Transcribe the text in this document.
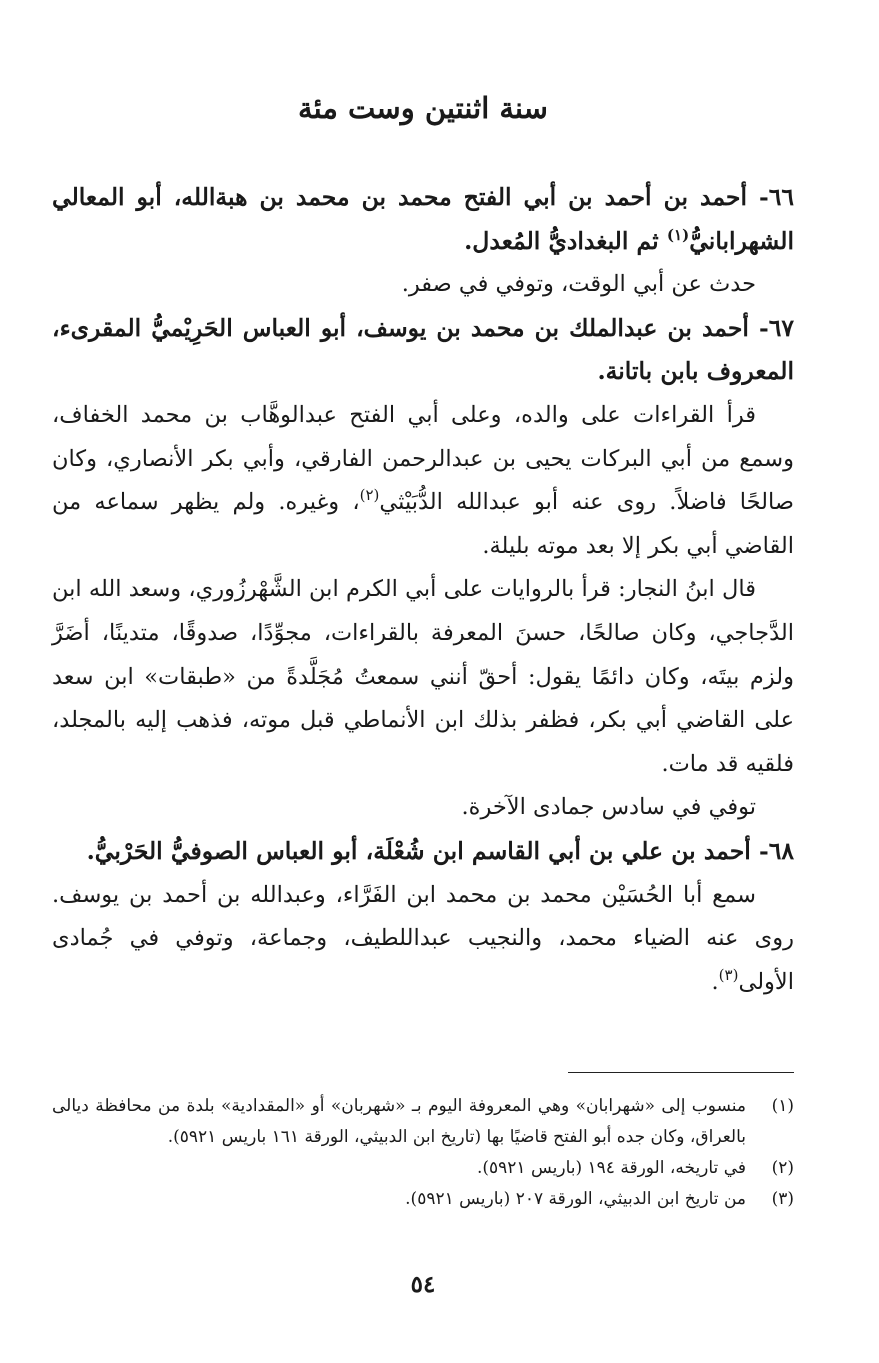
سنة اثنتين وست مئة

٦٦- أحمد بن أحمد بن أبي الفتح محمد بن محمد بن هبةالله، أبو المعالي الشهرابانيُّ$^{(١)}$ ثم البغداديُّ المُعدل.

حدث عن أبي الوقت، وتوفي في صفر.

٦٧- أحمد بن عبدالملك بن محمد بن يوسف، أبو العباس الحَرِيْميُّ المقرىء، المعروف بابن باتانة.

قرأ القراءات على والده، وعلى أبي الفتح عبدالوهَّاب بن محمد الخفاف، وسمع من أبي البركات يحيى بن عبدالرحمن الفارقي، وأبي بكر الأنصاري، وكان صالحًا فاضلاً. روى عنه أبو عبدالله الدُّبَيْثي$^{(٢)}$، وغيره. ولم يظهر سماعه من القاضي أبي بكر إلا بعد موته بليلة.

قال ابنُ النجار: قرأ بالروايات على أبي الكرم ابن الشَّهْرزُوري، وسعد الله ابن الدَّجاجي، وكان صالحًا، حسنَ المعرفة بالقراءات، مجوِّدًا، صدوقًا، متدينًا، أضَرَّ ولزم بيتَه، وكان دائمًا يقول: أحقّ أنني سمعتُ مُجَلَّدةً من «طبقات» ابن سعد على القاضي أبي بكر، فظفر بذلك ابن الأنماطي قبل موته، فذهب إليه بالمجلد، فلقيه قد مات.

توفي في سادس جمادى الآخرة.

٦٨- أحمد بن علي بن أبي القاسم ابن شُعْلَة، أبو العباس الصوفيُّ الحَرْبيُّ.

سمع أبا الحُسَيْن محمد بن محمد ابن الفَرَّاء، وعبدالله بن أحمد بن يوسف. روى عنه الضياء محمد، والنجيب عبداللطيف، وجماعة، وتوفي في جُمادى الأولى$^{(٣)}$.

(١)
منسوب إلى «شهرابان» وهي المعروفة اليوم بـ «شهربان» أو «المقدادية» بلدة من محافظة ديالى بالعراق، وكان جده أبو الفتح قاضيًا بها (تاريخ ابن الدبيثي، الورقة ١٦١ باريس ٥٩٢١).

(٢)
في تاريخه، الورقة ١٩٤ (باريس ٥٩٢١).

(٣)
من تاريخ ابن الدبيثي، الورقة ٢٠٧ (باريس ٥٩٢١).

٥٤
